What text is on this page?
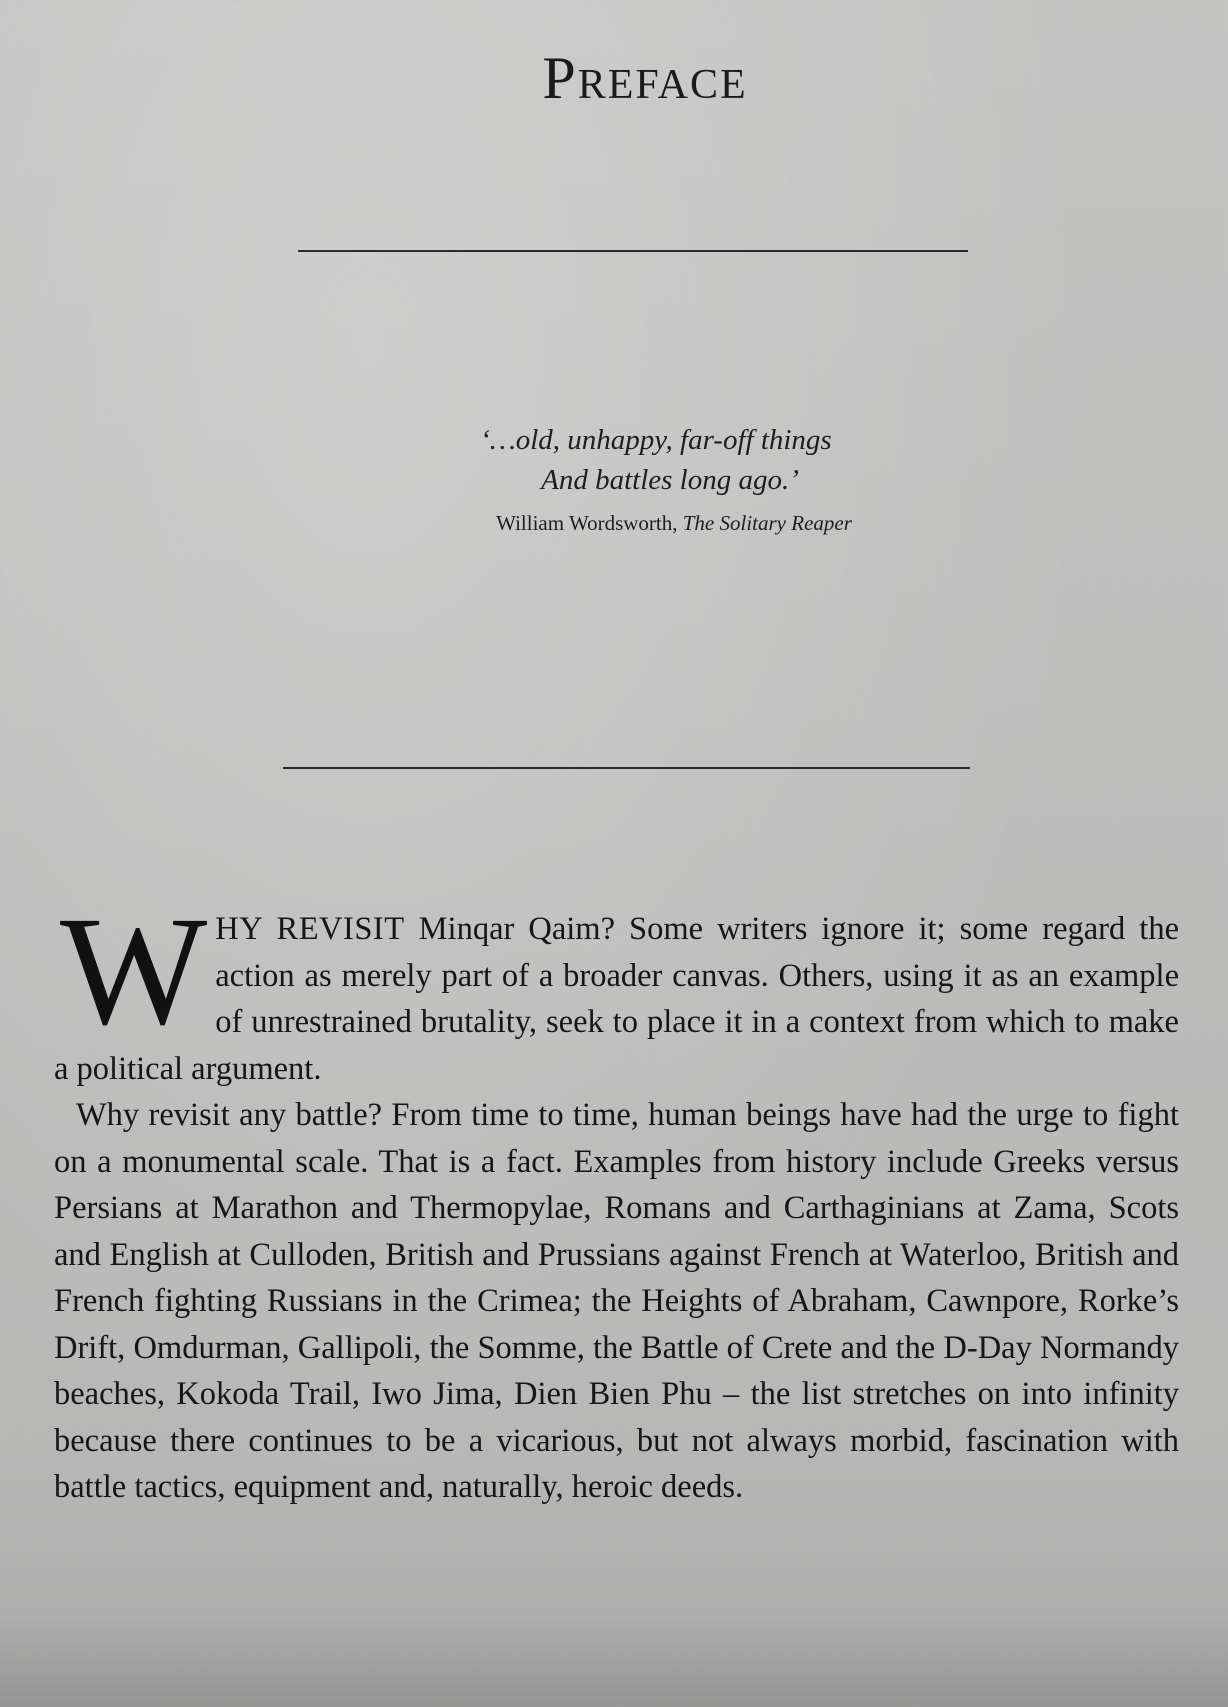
Preface
‘…old, unhappy, far-off things
And battles long ago.’
William Wordsworth, The Solitary Reaper

WHY REVISIT Minqar Qaim? Some writers ignore it; some regard the action as merely part of a broader canvas. Others, using it as an example of unrestrained brutality, seek to place it in a context from which to make a political argument.

Why revisit any battle? From time to time, human beings have had the urge to fight on a monumental scale. That is a fact. Examples from history include Greeks versus Persians at Marathon and Thermopylae, Romans and Carthaginians at Zama, Scots and English at Culloden, British and Prussians against French at Waterloo, British and French fighting Russians in the Crimea; the Heights of Abraham, Cawnpore, Rorke’s Drift, Omdurman, Gallipoli, the Somme, the Battle of Crete and the D-Day Normandy beaches, Kokoda Trail, Iwo Jima, Dien Bien Phu – the list stretches on into infinity because there continues to be a vicarious, but not always morbid, fascination with battle tactics, equipment and, naturally, heroic deeds.
